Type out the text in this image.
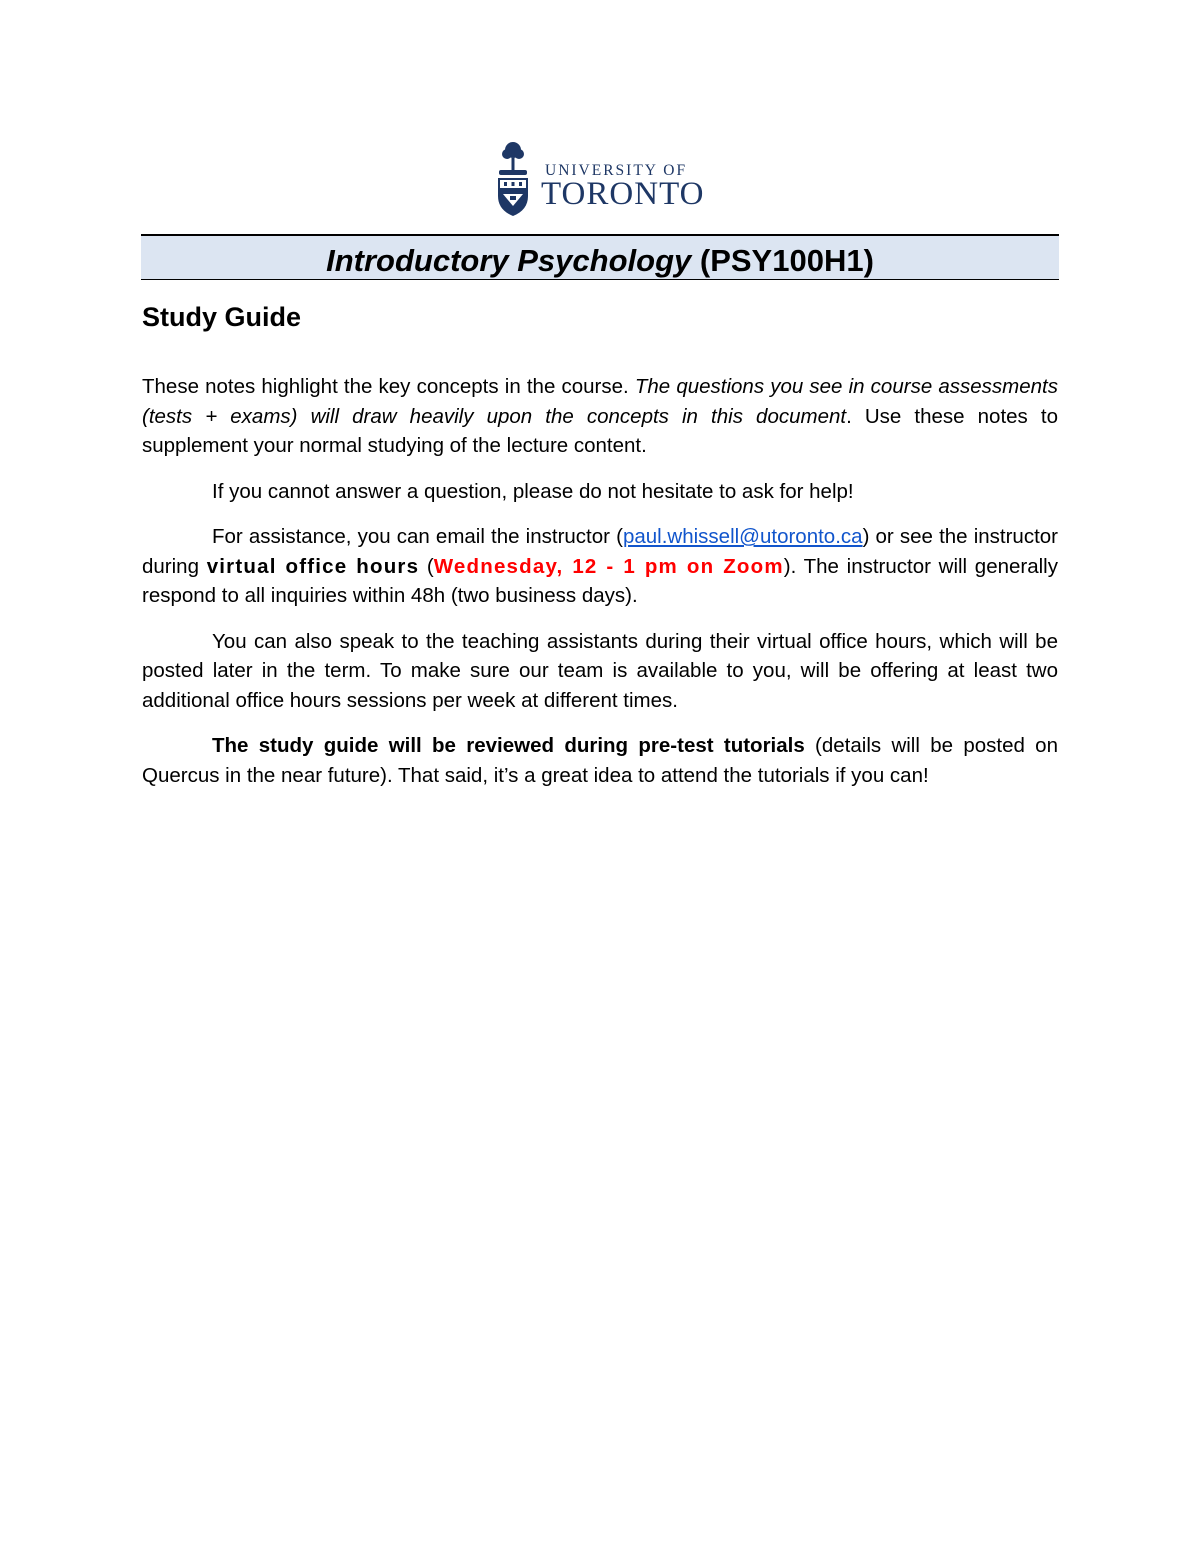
UNIVERSITY OF
TORONTO
Introductory Psychology (PSY100H1)
Study Guide

These notes highlight the key concepts in the course. The questions you see in course assessments (tests + exams) will draw heavily upon the concepts in this document. Use these notes to supplement your normal studying of the lecture content.

If you cannot answer a question, please do not hesitate to ask for help!

For assistance, you can email the instructor (paul.whissell@utoronto.ca) or see the instructor during virtual office hours (Wednesday, 12 - 1 pm on Zoom). The instructor will generally respond to all inquiries within 48h (two business days).

You can also speak to the teaching assistants during their virtual office hours, which will be posted later in the term. To make sure our team is available to you, will be offering at least two additional office hours sessions per week at different times.

The study guide will be reviewed during pre-test tutorials (details will be posted on Quercus in the near future). That said, it’s a great idea to attend the tutorials if you can!
